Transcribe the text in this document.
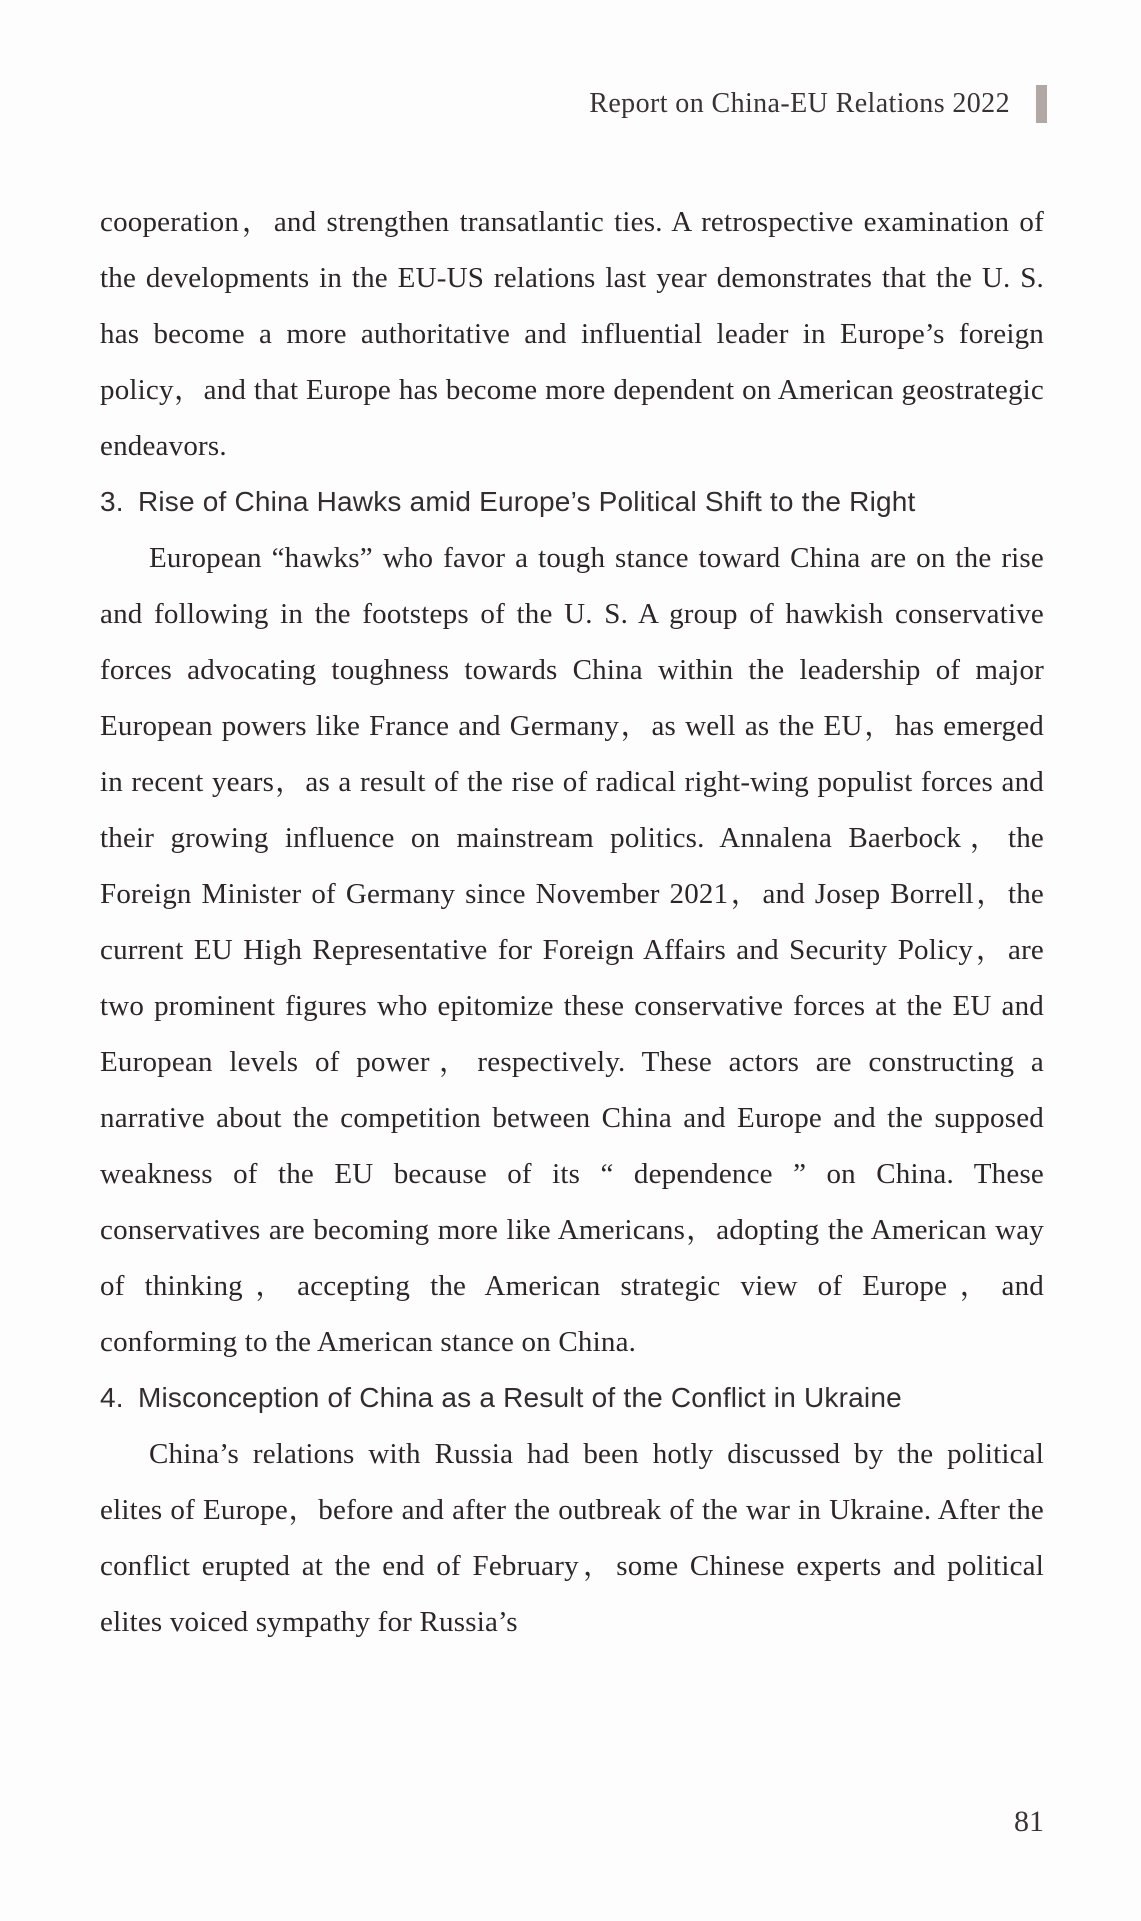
Report on China-EU Relations 2022

cooperation，and strengthen transatlantic ties. A retrospective examination of the developments in the EU-US relations last year demonstrates that the U. S. has become a more authoritative and influential leader in Europe’s foreign policy，and that Europe has become more dependent on American geostrategic endeavors.

3. Rise of China Hawks amid Europe’s Political Shift to the Right

European “hawks” who favor a tough stance toward China are on the rise and following in the footsteps of the U. S. A group of hawkish conservative forces advocating toughness towards China within the leadership of major European powers like France and Germany，as well as the EU，has emerged in recent years，as a result of the rise of radical right-wing populist forces and their growing influence on mainstream politics. Annalena Baerbock，the Foreign Minister of Germany since November 2021，and Josep Borrell，the current EU High Representative for Foreign Affairs and Security Policy，are two prominent figures who epitomize these conservative forces at the EU and European levels of power，respectively. These actors are constructing a narrative about the competition between China and Europe and the supposed weakness of the EU because of its “ dependence ” on China. These conservatives are becoming more like Americans，adopting the American way of thinking，accepting the American strategic view of Europe，and conforming to the American stance on China.

4. Misconception of China as a Result of the Conflict in Ukraine

China’s relations with Russia had been hotly discussed by the political elites of Europe，before and after the outbreak of the war in Ukraine. After the conflict erupted at the end of February，some Chinese experts and political elites voiced sympathy for Russia’s

81
